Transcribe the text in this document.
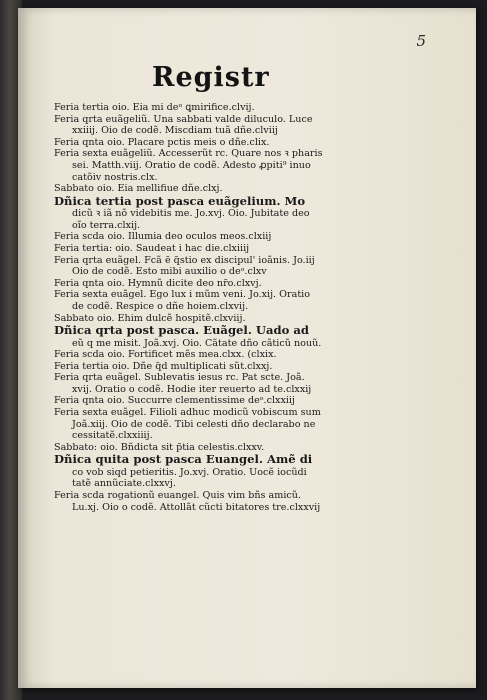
5
Registr
Feria tertia oio. Eia mi deᵒ ꝗmirifice.clvij.
Feria qrta euãgeliũ. Una sabbati valde diluculo. Luce
xxiiij. Oio de codẽ. Miscdiam tuã dñe.clviij
Feria qnta oio. Placare pctis meis o dñe.clix.
Feria sexta euãgeliũ. Accesserũt rc. Quare nos ꝛ pharis
sei. Matth.viij. Oratio de codẽ. Adesto ꝓpiti⁹ inuo
catõiv nostris.clx.
Sabbato oio. Eia mellifiue dñe.clxj.
Dñica tertia post pasca euãgelium. Mo
dicũ ꝛ iã nõ videbitis me. Jo.xvj. Oio. Jubitate deo
oĩo terra.clxij.
Feria scda oio. Illumia deo oculos meos.clxiij
Feria tertia: oio. Saudeat i hac die.clxiiij
Feria qrta euãgel. Fcã ē q̃stio ex discipul' ioãnis. Jo.iij
Oio de codẽ. Esto mibi auxilio o deᵒ.clxv
Feria qnta oio. Hymnũ dicite deo nr̃o.clxvj.
Feria sexta euãgel. Ego lux i mũm veni. Jo.xij. Oratio
de codẽ. Respice o dñe hoiem.clxvij.
Sabbato oio. Ehim dulcẽ hospitẽ.clxviij.
Dñica qrta post pasca. Euãgel. Uado ad
eũ q me misit. Joã.xvj. Oio. Cãtate dño cãticũ nouũ.
Feria scda oio. Fortificet mẽs mea.clxx. (clxix.
Feria tertia oio. Dñe q̃d multiplicati sũt.clxxj.
Feria qrta euãgel. Sublevatis iesus rc. Pat scte. Joã.
xvij. Oratio o codẽ. Hodie iter reuerto ad te.clxxij
Feria qnta oio. Succurre clementissime deᵒ.clxxiij
Feria sexta euãgel. Filioli adhuc modicũ vobiscum sum
Joã.xiij. Oio de codẽ. Tibi celesti dño declarabo ne
cessitatẽ.clxxiiij.
Sabbato: oio. Bñdicta sit p̃tia celestis.clxxv.
Dñica quita post pasca Euangel. Amẽ di
co vob siqd petieritis. Jo.xvj. Oratio. Uocẽ iocũdi
tatẽ annũciate.clxxvj.
Feria scda rogationũ euangel. Quis vim bñs amicũ.
Lu.xj. Oio o codẽ. Attollãt cũcti bitatores tre.clxxvij
